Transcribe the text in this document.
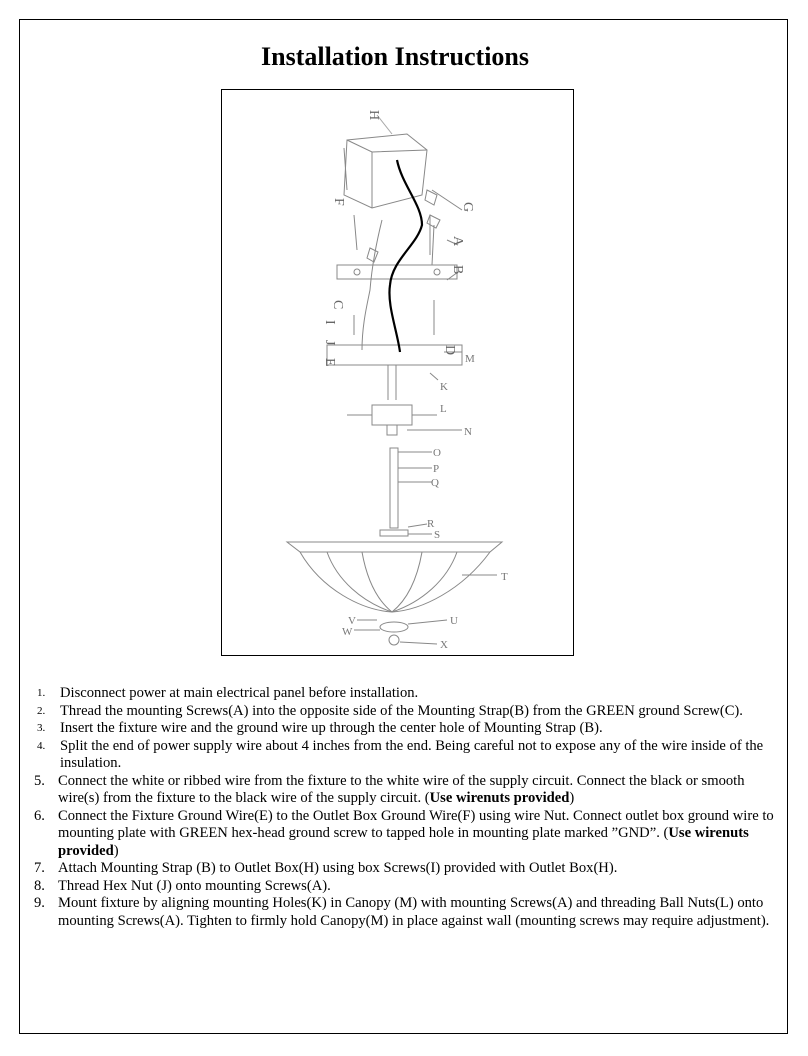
Installation Instructions
H
F
G
A
B
C
I
J
E
D
M
K
L
N
O
P
Q
R
S
T
U
V
W
X
1.	Disconnect power at main electrical panel before installation.
2.	Thread the mounting Screws(A) into the opposite side of the Mounting Strap(B) from the GREEN ground Screw(C).
3.	Insert the fixture wire and the ground wire up through the center hole of Mounting Strap (B).
4.	Split the end of power supply wire about 4 inches from the end. Being careful not to expose any of the wire inside of the insulation.
5. Connect the white or ribbed wire from the fixture to the white wire of the supply circuit. Connect the black or smooth wire(s) from the fixture to the black wire of the supply circuit. (Use wirenuts provided)
6. Connect the Fixture Ground Wire(E) to the Outlet Box Ground Wire(F) using wire Nut. Connect outlet box ground wire to mounting plate with GREEN hex-head ground screw to tapped hole in mounting plate marked ”GND”. (Use wirenuts provided)
7. Attach Mounting Strap (B) to Outlet Box(H) using box Screws(I) provided with Outlet Box(H).
8. Thread Hex Nut (J) onto mounting Screws(A).
9. Mount fixture by aligning mounting Holes(K) in Canopy (M) with mounting Screws(A) and threading Ball Nuts(L) onto mounting Screws(A). Tighten to firmly hold Canopy(M) in place against wall (mounting screws may require adjustment).
